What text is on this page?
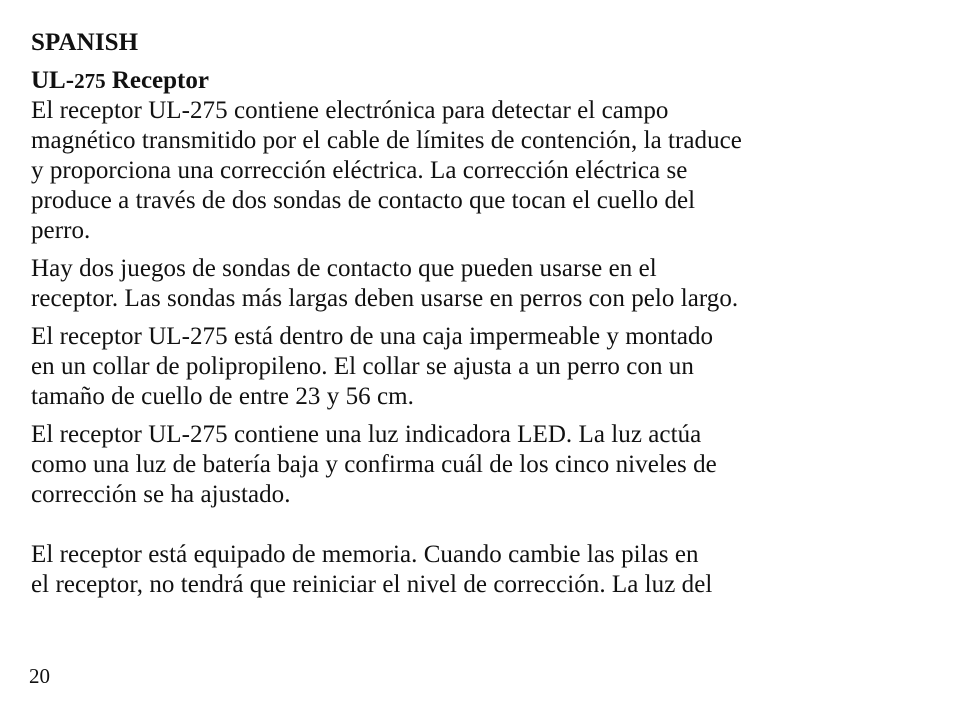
SPANISH
UL-275 Receptor

El receptor UL-275 contiene electrónica para detectar el campo
magnético transmitido por el cable de límites de contención, la traduce
y proporciona una corrección eléctrica. La corrección eléctrica se
produce a través de dos sondas de contacto que tocan el cuello del
perro.

Hay dos juegos de sondas de contacto que pueden usarse en el
receptor. Las sondas más largas deben usarse en perros con pelo largo.

El receptor UL-275 está dentro de una caja impermeable y montado
en un collar de polipropileno. El collar se ajusta a un perro con un
tamaño de cuello de entre 23 y 56 cm.

El receptor UL-275 contiene una luz indicadora LED. La luz actúa
como una luz de batería baja y confirma cuál de los cinco niveles de
corrección se ha ajustado.

El receptor está equipado de memoria. Cuando cambie las pilas en
el receptor, no tendrá que reiniciar el nivel de corrección. La luz del

20
